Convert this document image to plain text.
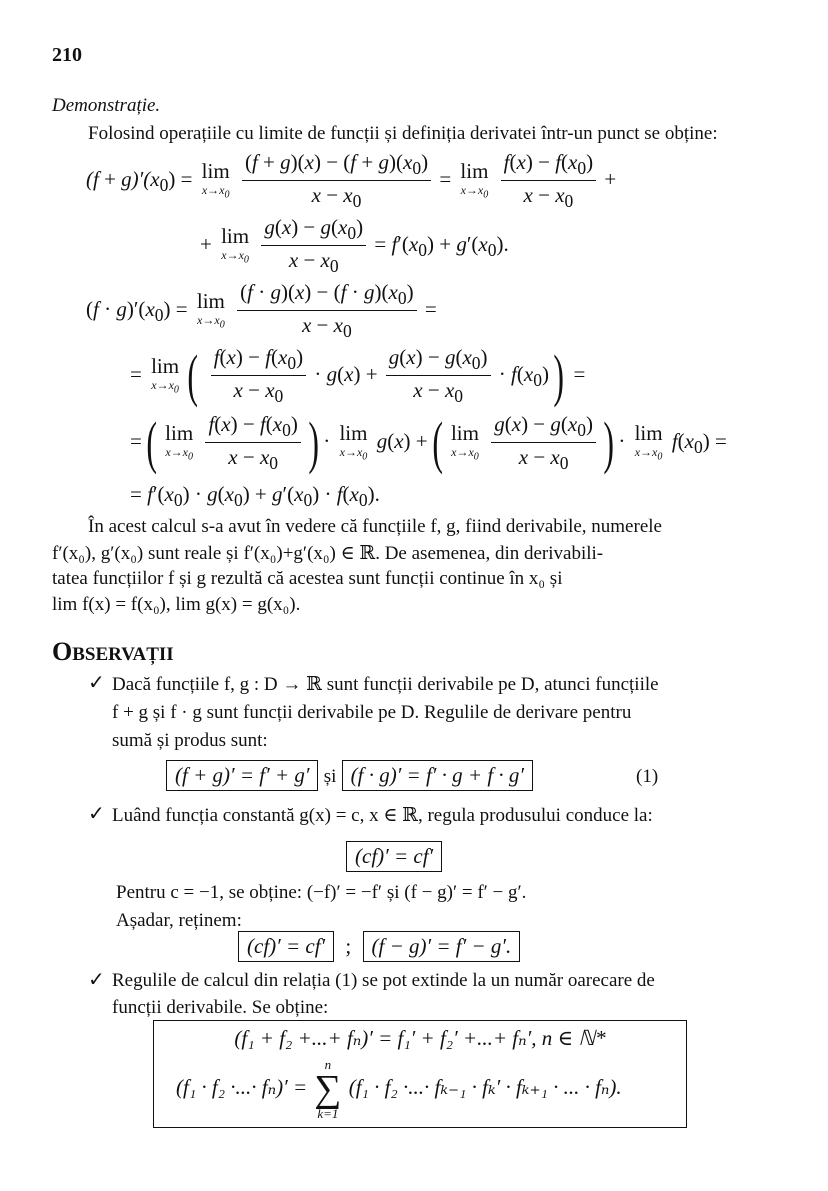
210
Demonstrație.
Folosind operațiile cu limite de funcții și definiția derivatei într-un punct se obține:
$(f + g)'(x_0) = \lim$
$x\to x_0$
$\frac{(f + g)(x) - (f + g)(x_0)}{x - x_0} = \lim$
$x\to x_0$
$\frac{f(x) - f(x_0)}{x - x_0}$ +
+ lim
$x\to x_0$
$\frac{g(x) - g(x_0)}{x - x_0} = f'(x_0) + g'(x_0)$.
$(f \cdot g)'(x_0) = \lim$
$x\to x_0$
$\frac{(f \cdot g)(x) - (f \cdot g)(x_0)}{x - x_0}$ =
= lim
$x\to x_0$ ( $\frac{f(x) - f(x_0)}{x - x_0} \cdot g(x) + \frac{g(x) - g(x_0)}{x - x_0} \cdot f(x_0)$) =
=( lim
$x\to x_0$
$\frac{f(x) - f(x_0)}{x - x_0}$ ) · lim
$x\to x_0$
g(x) +( lim
$x\to x_0$
$\frac{g(x) - g(x_0)}{x - x_0}$ ) · lim
$x\to x_0$
$f(x_0)$ =
= $f'(x_0) \cdot g(x_0) + g'(x_0) \cdot f(x_0)$.
În acest calcul s-a avut în vedere că funcțiile f, g, fiind derivabile, numerele
f′(x₀), g′(x₀) sunt reale și f′(x₀)+g′(x₀) ∈ ℝ. De asemenea, din derivabili-
tatea funcțiilor f și g rezultă că acestea sunt funcții continue în x₀ și
lim f(x) = f(x₀), lim g(x) = g(x₀).
OBSERVAȚII
✓ Dacă funcțiile f, g : D → ℝ sunt funcții derivabile pe D, atunci funcțiile
f + g și f · g sunt funcții derivabile pe D. Regulile de derivare pentru
sumă și produs sunt:
(f + g)′ = f′ + g′ și (f · g)′ = f′ · g + f · g′	(1)
✓ Luând funcția constantă g(x) = c, x ∈ ℝ, regula produsului conduce la:
(cf)′ = cf′
Pentru c = −1, se obține: (−f)′ = −f′ și (f − g)′ = f′ − g′.
Așadar, reținem:
(cf)′ = cf′ ; (f − g)′ = f′ − g′.
✓ Regulile de calcul din relația (1) se pot extinde la un număr oarecare de
funcții derivabile. Se obține:
(f₁ + f₂ +...+ fₙ)′ = f₁′ + f₂′ +...+ fₙ′, n ∈ ℕ*
(f₁ · f₂ ·...· fₙ)′ =
n
∑
k=1
(f₁ · f₂ ·...· fₖ₋₁ · fₖ′ · fₖ₊₁ · ... · fₙ).
